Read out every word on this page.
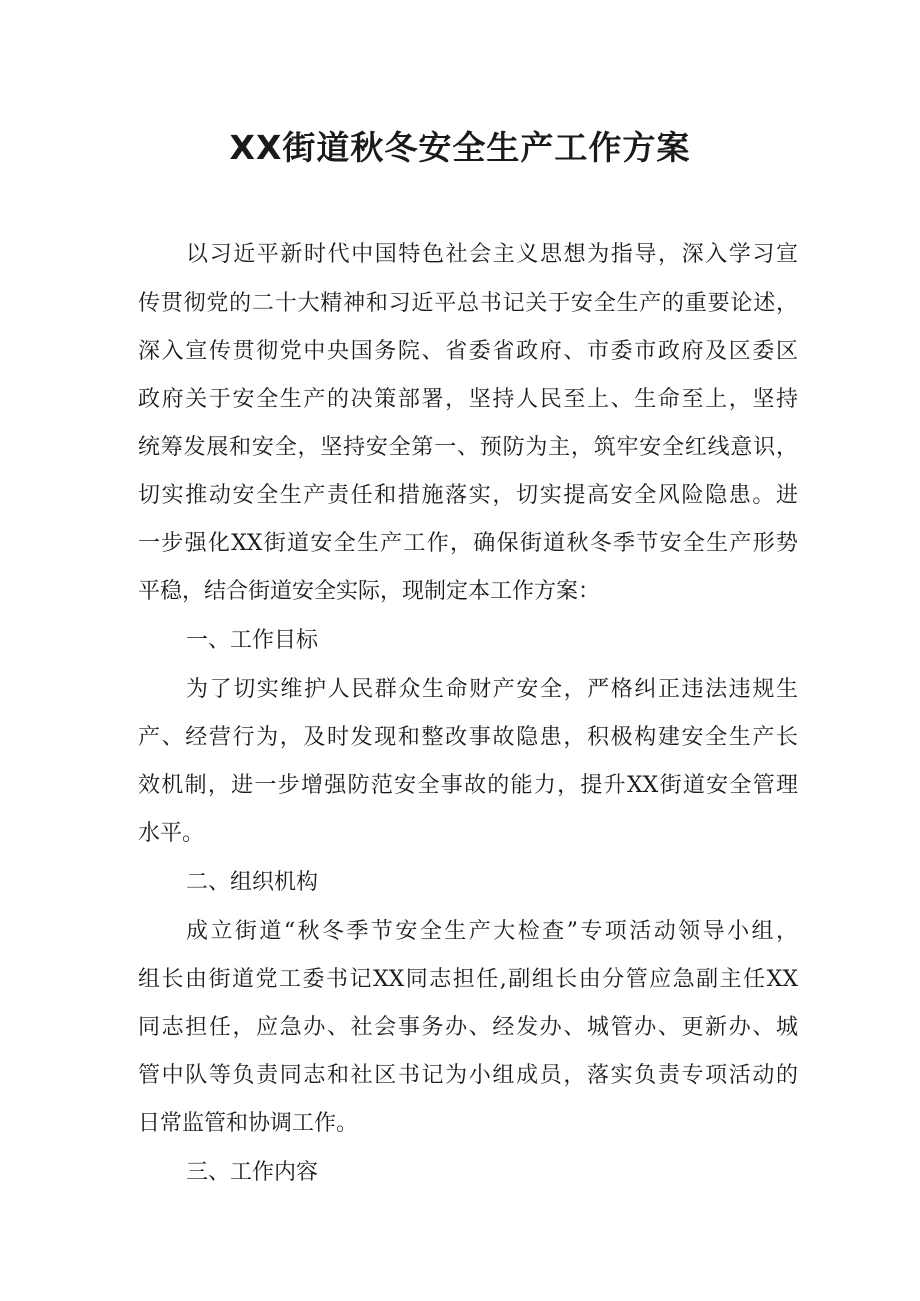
XX街道秋冬安全生产工作方案

以习近平新时代中国特色社会主义思想为指导，深入学习宣

传贯彻党的二十大精神和习近平总书记关于安全生产的重要论述，

深入宣传贯彻党中央国务院、省委省政府、市委市政府及区委区

政府关于安全生产的决策部署，坚持人民至上、生命至上，坚持

统筹发展和安全，坚持安全第一、预防为主，筑牢安全红线意识，

切实推动安全生产责任和措施落实，切实提高安全风险隐患。进

一步强化XX街道安全生产工作，确保街道秋冬季节安全生产形势

平稳，结合街道安全实际，现制定本工作方案：

一、工作目标

为了切实维护人民群众生命财产安全，严格纠正违法违规生

产、经营行为，及时发现和整改事故隐患，积极构建安全生产长

效机制，进一步增强防范安全事故的能力，提升XX街道安全管理

水平。

二、组织机构

成立街道“秋冬季节安全生产大检查”专项活动领导小组，

组长由街道党工委书记XX同志担任,副组长由分管应急副主任XX

同志担任，应急办、社会事务办、经发办、城管办、更新办、城

管中队等负责同志和社区书记为小组成员，落实负责专项活动的

日常监管和协调工作。

三、工作内容
